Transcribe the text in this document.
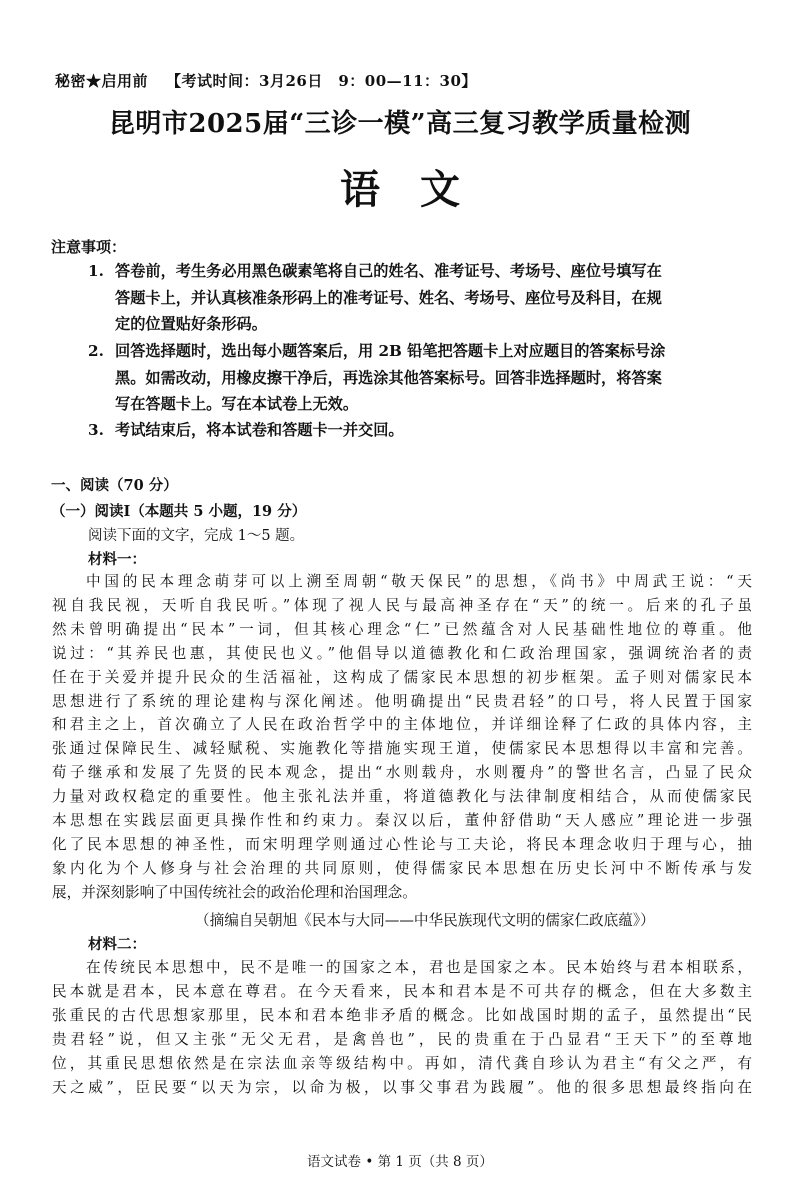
秘密★启用前 【考试时间：3月26日　9：00—11：30】
昆明市2025届“三诊一模”高三复习教学质量检测
语文
注意事项：
1. 答卷前，考生务必用黑色碳素笔将自己的姓名、准考证号、考场号、座位号填写在
答题卡上，并认真核准条形码上的准考证号、姓名、考场号、座位号及科目，在规
定的位置贴好条形码。
2. 回答选择题时，选出每小题答案后，用 2B 铅笔把答题卡上对应题目的答案标号涂
黑。如需改动，用橡皮擦干净后，再选涂其他答案标号。回答非选择题时，将答案
写在答题卡上。写在本试卷上无效。
3. 考试结束后，将本试卷和答题卡一并交回。
一、阅读（70 分）
（一）阅读Ⅰ（本题共 5 小题，19 分）
阅读下面的文字，完成 1～5 题。
材料一：
中国的民本理念萌芽可以上溯至周朝“敬天保民”的思想，《尚书》中周武王说：“天
视自我民视，天听自我民听。”体现了视人民与最高神圣存在“天”的统一。后来的孔子虽
然未曾明确提出“民本”一词，但其核心理念“仁”已然蕴含对人民基础性地位的尊重。他
说过：“其养民也惠，其使民也义。”他倡导以道德教化和仁政治理国家，强调统治者的责
任在于关爱并提升民众的生活福祉，这构成了儒家民本思想的初步框架。孟子则对儒家民本
思想进行了系统的理论建构与深化阐述。他明确提出“民贵君轻”的口号，将人民置于国家
和君主之上，首次确立了人民在政治哲学中的主体地位，并详细诠释了仁政的具体内容，主
张通过保障民生、减轻赋税、实施教化等措施实现王道，使儒家民本思想得以丰富和完善。
荀子继承和发展了先贤的民本观念，提出“水则载舟，水则覆舟”的警世名言，凸显了民众
力量对政权稳定的重要性。他主张礼法并重，将道德教化与法律制度相结合，从而使儒家民
本思想在实践层面更具操作性和约束力。秦汉以后，董仲舒借助“天人感应”理论进一步强
化了民本思想的神圣性，而宋明理学则通过心性论与工夫论，将民本理念收归于理与心，抽
象内化为个人修身与社会治理的共同原则，使得儒家民本思想在历史长河中不断传承与发
展，并深刻影响了中国传统社会的政治伦理和治国理念。
（摘编自吴朝旭《民本与大同——中华民族现代文明的儒家仁政底蕴》）
材料二：
在传统民本思想中，民不是唯一的国家之本，君也是国家之本。民本始终与君本相联系，
民本就是君本，民本意在尊君。在今天看来，民本和君本是不可共存的概念，但在大多数主
张重民的古代思想家那里，民本和君本绝非矛盾的概念。比如战国时期的孟子，虽然提出“民
贵君轻”说，但又主张“无父无君，是禽兽也”，民的贵重在于凸显君“王天下”的至尊地
位，其重民思想依然是在宗法血亲等级结构中。再如，清代龚自珍认为君主“有父之严，有
天之威”，臣民要“以天为宗，以命为极，以事父事君为践履”。他的很多思想最终指向在
语文试卷 • 第 1 页（共 8 页）
